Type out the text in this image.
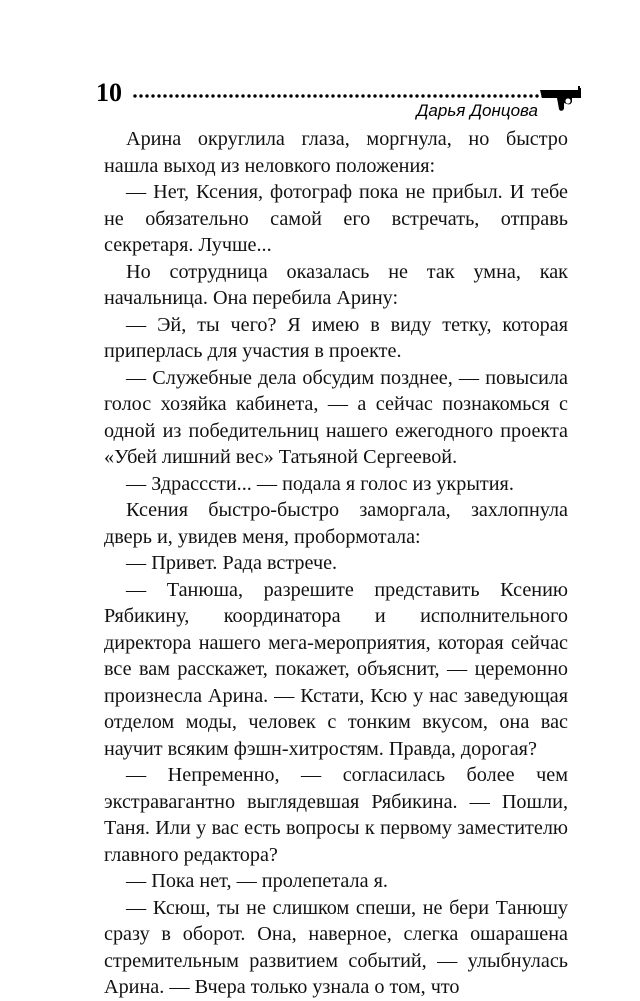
10
Дарья Донцова

Арина округлила глаза, моргнула, но быстро нашла выход из неловкого положения:

— Нет, Ксения, фотограф пока не прибыл. И тебе не обязательно самой его встречать, отправь секретаря. Лучше...

Но сотрудница оказалась не так умна, как начальница. Она перебила Арину:

— Эй, ты чего? Я имею в виду тетку, которая приперлась для участия в проекте.

— Служебные дела обсудим позднее, — повысила голос хозяйка кабинета, — а сейчас познакомься с одной из победительниц нашего ежегодного проекта «Убей лишний вес» Татьяной Сергеевой.

— Здрасссти... — подала я голос из укрытия.

Ксения быстро-быстро заморгала, захлопнула дверь и, увидев меня, пробормотала:

— Привет. Рада встрече.

— Танюша, разрешите представить Ксению Рябикину, координатора и исполнительного директора нашего мега-мероприятия, которая сейчас все вам расскажет, покажет, объяснит, — церемонно произнесла Арина. — Кстати, Ксю у нас заведующая отделом моды, человек с тонким вкусом, она вас научит всяким фэшн-хитростям. Правда, дорогая?

— Непременно, — согласилась более чем экстравагантно выглядевшая Рябикина. — Пошли, Таня. Или у вас есть вопросы к первому заместителю главного редактора?

— Пока нет, — пролепетала я.

— Ксюш, ты не слишком спеши, не бери Танюшу сразу в оборот. Она, наверное, слегка ошарашена стремительным развитием событий, — улыбнулась Арина. — Вчера только узнала о том, что
